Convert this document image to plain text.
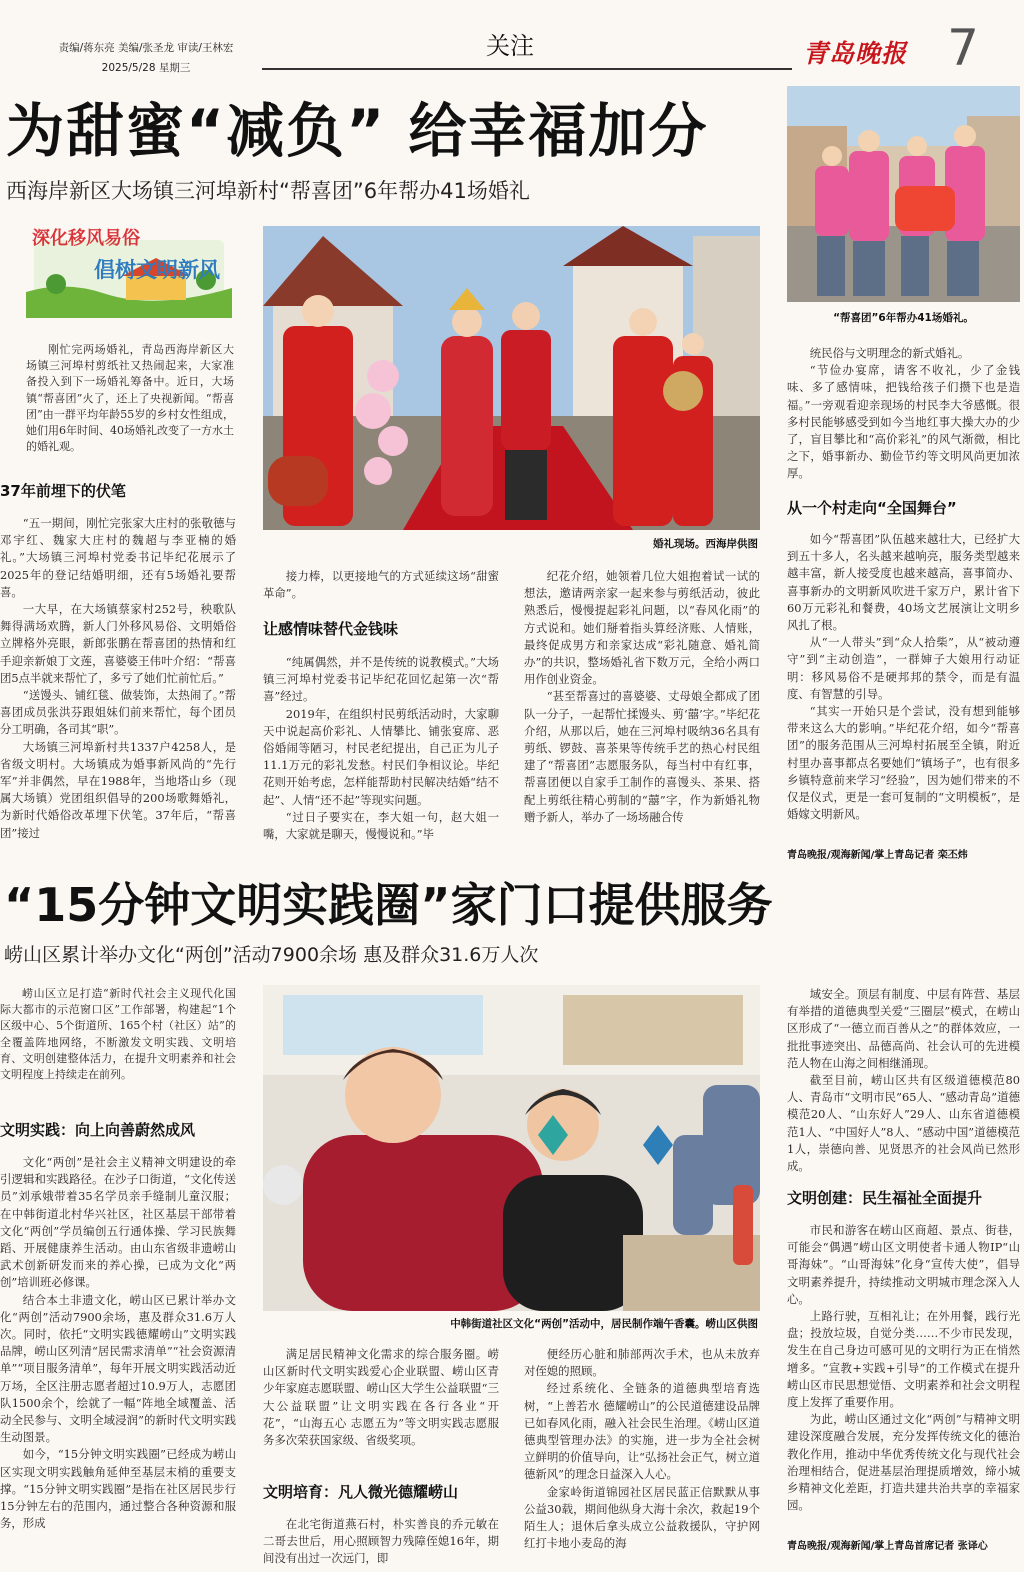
责编/蒋东亮 美编/张圣龙 审读/王林宏
2025/5/28 星期三
关注	青岛晚报 7
为甜蜜“减负” 给幸福加分
西海岸新区大场镇三河埠新村“帮喜团”6年帮办41场婚礼
“帮喜团”6年帮办41场婚礼。
深化移风易俗
倡树文明新风

刚忙完两场婚礼，青岛西海岸新区大场镇三河埠村剪纸社又热闹起来，大家准备投入到下一场婚礼筹备中。近日，大场镇“帮喜团”火了，还上了央视新闻。“帮喜团”由一群平均年龄55岁的乡村女性组成，她们用6年时间、40场婚礼改变了一方水土的婚礼观。

37年前埋下的伏笔

“五一期间，刚忙完张家大庄村的张敬德与邓宇红、魏家大庄村的魏超与李亚楠的婚礼。”大场镇三河埠村党委书记毕纪花展示了2025年的登记结婚明细，还有5场婚礼要帮喜。

一大早，在大场镇蔡家村252号，秧歌队舞得满场欢腾，新人门外移风易俗、文明婚俗立牌格外亮眼，新郎张鹏在帮喜团的热情和红手迎亲新娘丁文莲，喜婆婆王伟叶介绍：“帮喜团5点半就来帮忙了，多亏了她们忙前忙后。”

“送馒头、铺红毯、做装饰，太热闹了。”帮喜团成员张洪芬跟姐妹们前来帮忙，每个团员分工明确，各司其“职”。

大场镇三河埠新村共1337户4258人，是省级文明村。大场镇成为婚事新风尚的“先行军”并非偶然，早在1988年，当地塔山乡（现属大场镇）党团组织倡导的200场歌舞婚礼，为新时代婚俗改革埋下伏笔。37年后，“帮喜团”接过

婚礼现场。西海岸供图

接力棒，以更接地气的方式延续这场“甜蜜革命”。

让感情味替代金钱味

“纯属偶然，并不是传统的说教模式。”大场镇三河埠村党委书记毕纪花回忆起第一次“帮喜”经过。

2019年，在组织村民剪纸活动时，大家聊天中说起高价彩礼、人情攀比、铺张宴席、恶俗婚闹等陋习，村民老纪提出，自己正为儿子11.1万元的彩礼发愁。村民们争相议论。毕纪花则开始考虑，怎样能帮助村民解决结婚“结不起”、人情“还不起”等现实问题。

“过日子要实在，李大姐一句，赵大姐一嘴，大家就是聊天，慢慢说和。”毕

纪花介绍，她领着几位大姐抱着试一试的想法，邀请两亲家一起来参与剪纸活动，彼此熟悉后，慢慢提起彩礼问题，以“春风化雨”的方式说和。她们掰着指头算经济账、人情账，最终促成男方和亲家达成“彩礼随意、婚礼简办”的共识，整场婚礼省下数万元，全给小两口用作创业资金。

“甚至帮喜过的喜婆婆、丈母娘全都成了团队一分子，一起帮忙揉馒头、剪‘囍’字。”毕纪花介绍，从那以后，她在三河埠村吸纳36名具有剪纸、锣鼓、喜茶果等传统手艺的热心村民组建了“帮喜团”志愿服务队，每当村中有红事，帮喜团便以自家手工制作的喜馒头、茶果、搭配上剪纸往精心剪制的“囍”字，作为新婚礼物赠予新人，举办了一场场融合传

统民俗与文明理念的新式婚礼。

“节俭办宴席，请客不收礼，少了金钱味、多了感情味，把钱给孩子们攒下也是造福。”一旁观看迎亲现场的村民李大爷感慨。很多村民能够感受到如今当地红事大操大办的少了，盲目攀比和“高价彩礼”的风气渐微，相比之下，婚事新办、勤俭节约等文明风尚更加浓厚。

从一个村走向“全国舞台”

如今“帮喜团”队伍越来越壮大，已经扩大到五十多人，名头越来越响亮，服务类型越来越丰富，新人接受度也越来越高，喜事简办、喜事新办的文明新风吹进千家万户，累计省下60万元彩礼和餐费，40场文艺展演让文明乡风扎了根。

从“一人带头”到“众人拾柴”，从“被动遵守”到“主动创造”，一群婶子大娘用行动证明：移风易俗不是硬邦邦的禁令，而是有温度、有智慧的引导。

“其实一开始只是个尝试，没有想到能够带来这么大的影响。”毕纪花介绍，如今“帮喜团”的服务范围从三河埠村拓展至全镇，附近村里办喜事都点名要她们“镇场子”，也有很多乡镇特意前来学习“经验”，因为她们带来的不仅是仪式，更是一套可复制的“文明模板”，是婚嫁文明新风。

青岛晚报/观海新闻/掌上青岛记者 栾丕炜
“15分钟文明实践圈”家门口提供服务
崂山区累计举办文化“两创”活动7900余场 惠及群众31.6万人次

崂山区立足打造“新时代社会主义现代化国际大都市的示范窗口区”工作部署，构建起“1个区级中心、5个街道所、165个村（社区）站”的全覆盖阵地网络，不断激发文明实践、文明培育、文明创建整体活力，在提升文明素养和社会文明程度上持续走在前列。

文明实践：向上向善蔚然成风

文化“两创”是社会主义精神文明建设的牵引逻辑和实践路径。在沙子口街道，“文化传送员”刘承娥带着35名学员亲手缝制儿童汉服；在中韩街道北村华兴社区，社区基层干部带着文化“两创”学员编创五行通体操、学习民族舞蹈、开展健康养生活动。由山东省级非遗崂山武术创新研发而来的养心操，已成为文化“两创”培训班必修课。

结合本土非遗文化，崂山区已累计举办文化“两创”活动7900余场，惠及群众31.6万人次。同时，依托“文明实践德耀崂山”文明实践品牌，崂山区列清“居民需求清单”“社会资源清单”“项目服务清单”，每年开展文明实践活动近万场，全区注册志愿者超过10.9万人，志愿团队1500余个，绘就了一幅“阵地全域覆盖、活动全民参与、文明全域浸润”的新时代文明实践生动图景。

如今，“15分钟文明实践圈”已经成为崂山区实现文明实践触角延伸至基层末梢的重要支撑。“15分钟文明实践圈”是指在社区居民步行15分钟左右的范围内，通过整合各种资源和服务，形成

中韩街道社区文化“两创”活动中，居民制作端午香囊。崂山区供图

满足居民精神文化需求的综合服务圈。崂山区新时代文明实践爱心企业联盟、崂山区青少年家庭志愿联盟、崂山区大学生公益联盟“三大公益联盟”让文明实践在各行各业“开花”，“山海五心 志愿五为”等文明实践志愿服务多次荣获国家级、省级奖项。

文明培育：凡人微光德耀崂山

在北宅街道燕石村，朴实善良的乔元敏在二哥去世后，用心照顾智力残障侄媳16年，期间没有出过一次远门，即

便经历心脏和肺部两次手术，也从未放弃对侄媳的照顾。

经过系统化、全链条的道德典型培育选树，“上善若水 德耀崂山”的公民道德建设品牌已如春风化雨，融入社会民生治理。《崂山区道德典型管理办法》的实施，进一步为全社会树立鲜明的价值导向，让“弘扬社会正气，树立道德新风”的理念日益深入人心。

金家岭街道锦园社区居民蓝正信默默从事公益30载，期间他纵身大海十余次，救起19个陌生人；退休后拿头成立公益救援队，守护网红打卡地小麦岛的海

域安全。顶层有制度、中层有阵营、基层有举措的道德典型关爱“三圈层”模式，在崂山区形成了“一德立而百善从之”的群体效应，一批批事迹突出、品德高尚、社会认可的先进模范人物在山海之间相继涌现。

截至目前，崂山区共有区级道德模范80人、青岛市“文明市民”65人、“感动青岛”道德模范20人、“山东好人”29人、山东省道德模范1人、“中国好人”8人、“感动中国”道德模范1人，崇德向善、见贤思齐的社会风尚已然形成。

文明创建：民生福祉全面提升

市民和游客在崂山区商超、景点、街巷，可能会“偶遇”崂山区文明使者卡通人物IP“山哥海妹”。“山哥海妹”化身“宣传大使”，倡导文明素养提升，持续推动文明城市理念深入人心。

上路行驶，互相礼让；在外用餐，践行光盘；投放垃圾，自觉分类……不少市民发现，发生在自己身边可感可见的文明行为正在悄然增多。“宣教+实践+引导”的工作模式在提升崂山区市民思想觉悟、文明素养和社会文明程度上发挥了重要作用。

为此，崂山区通过文化“两创”与精神文明建设深度融合发展，充分发挥传统文化的德治教化作用，推动中华优秀传统文化与现代社会治理相结合，促进基层治理提质增效，缔小城乡精神文化差距，打造共建共治共享的幸福家园。

青岛晚报/观海新闻/掌上青岛首席记者 张译心
